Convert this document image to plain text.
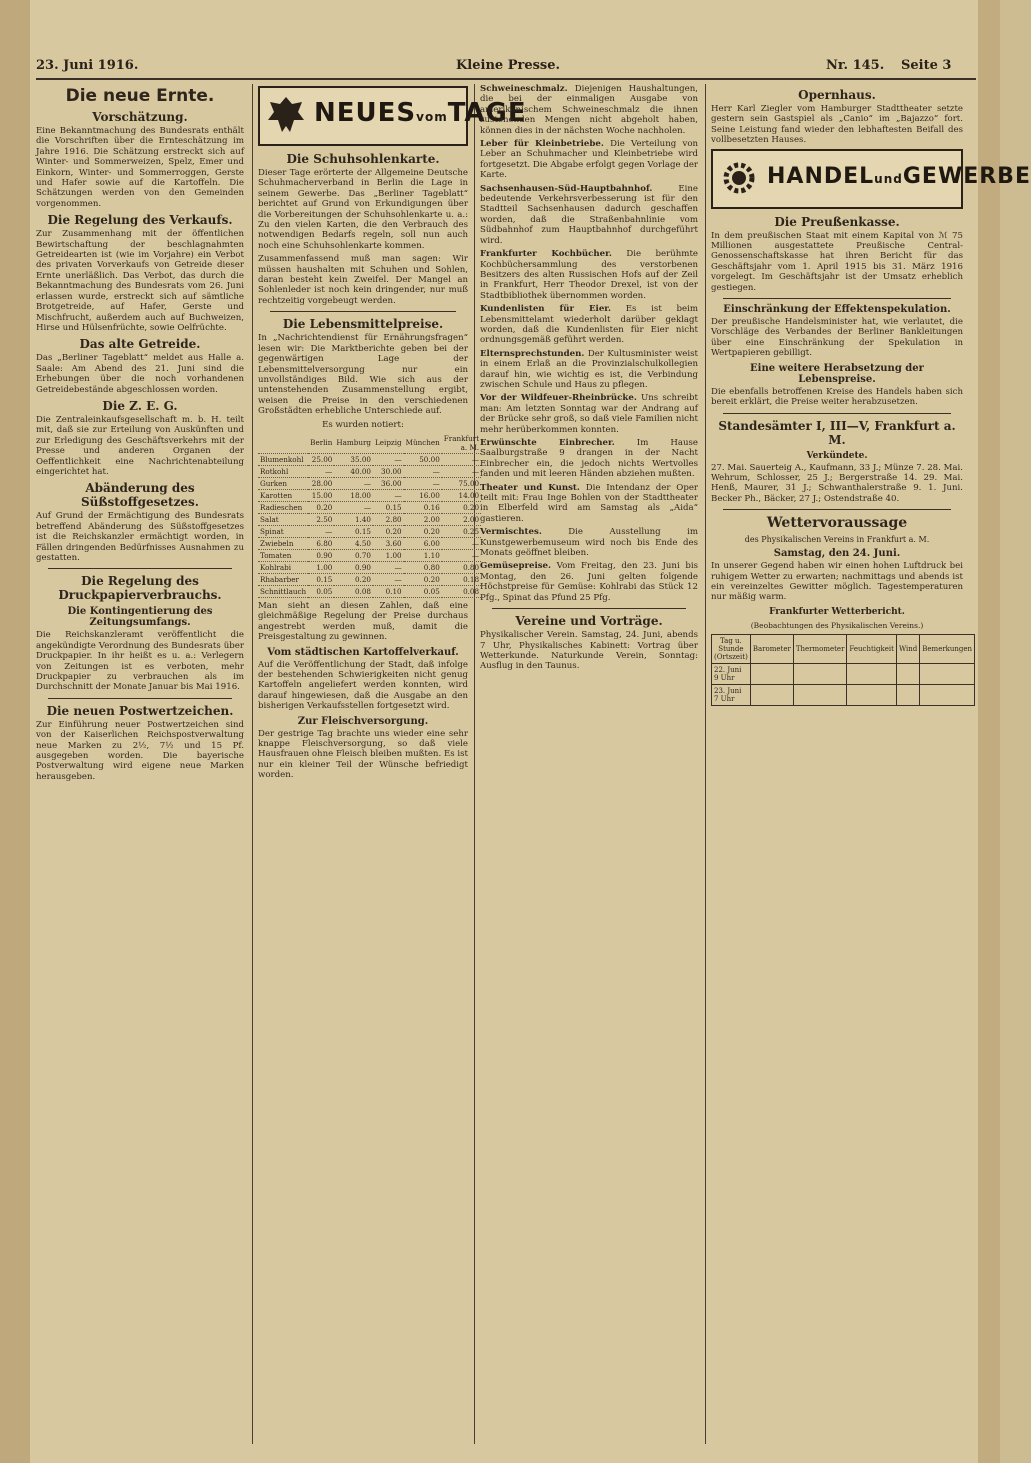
23. Juni 1916.	Kleine Presse.	Nr. 145. Seite 3
Die neue Ernte.
Vorschätzung.

Eine Bekanntmachung des Bundesrats enthält die Vorschriften über die Ernteschätzung im Jahre 1916. Die Schätzung erstreckt sich auf Winter- und Sommerweizen, Spelz, Emer und Einkorn, Winter- und Sommerroggen, Gerste und Hafer sowie auf die Kartoffeln. Die Schätzungen werden von den Gemeinden vorgenommen.

Die Regelung des Verkaufs.

Zur Zusammenhang mit der öffentlichen Bewirtschaftung der beschlagnahmten Getreidearten ist (wie im Vorjahre) ein Verbot des privaten Vorverkaufs von Getreide dieser Ernte unerläßlich. Das Verbot, das durch die Bekanntmachung des Bundesrats vom 26. Juni erlassen wurde, erstreckt sich auf sämtliche Brotgetreide, auf Hafer, Gerste und Mischfrucht, außerdem auch auf Buchweizen, Hirse und Hülsenfrüchte, sowie Oelfrüchte.

Das alte Getreide.

Das „Berliner Tageblatt“ meldet aus Halle a. Saale: Am Abend des 21. Juni sind die Erhebungen über die noch vorhandenen Getreidebestände abgeschlossen worden.

Die Z. E. G.

Die Zentraleinkaufsgesellschaft m. b. H. teilt mit, daß sie zur Erteilung von Auskünften und zur Erledigung des Geschäftsverkehrs mit der Presse und anderen Organen der Oeffentlichkeit eine Nachrichtenabteilung eingerichtet hat.

Abänderung des Süßstoffgesetzes.

Auf Grund der Ermächtigung des Bundesrats betreffend Abänderung des Süßstoffgesetzes ist die Reichskanzler ermächtigt worden, in Fällen dringenden Bedürfnisses Ausnahmen zu gestatten.

Die Regelung des Druckpapierverbrauchs.
Die Kontingentierung des Zeitungsumfangs.

Die Reichskanzleramt veröffentlicht die angekündigte Verordnung des Bundesrats über Druckpapier. In ihr heißt es u. a.: Verlegern von Zeitungen ist es verboten, mehr Druckpapier zu verbrauchen als im Durchschnitt der Monate Januar bis Mai 1916.

Die neuen Postwertzeichen.

Zur Einführung neuer Postwertzeichen sind von der Kaiserlichen Reichspostverwaltung neue Marken zu 2½, 7½ und 15 Pf. ausgegeben worden. Die bayerische Postverwaltung wird eigene neue Marken herausgeben.

NEUESvomTAGE
Die Schuhsohlenkarte.

Dieser Tage erörterte der Allgemeine Deutsche Schuhmacherverband in Berlin die Lage in seinem Gewerbe. Das „Berliner Tageblatt“ berichtet auf Grund von Erkundigungen über die Vorbereitungen der Schuhsohlenkarte u. a.: Zu den vielen Karten, die den Verbrauch des notwendigen Bedarfs regeln, soll nun auch noch eine Schuhsohlenkarte kommen.

Zusammenfassend muß man sagen: Wir müssen haushalten mit Schuhen und Sohlen, daran besteht kein Zweifel. Der Mangel an Sohlenleder ist noch kein dringender, nur muß rechtzeitig vorgebeugt werden.

Die Lebensmittelpreise.

In „Nachrichtendienst für Ernährungsfragen“ lesen wir: Die Marktberichte geben bei der gegenwärtigen Lage der Lebensmittelversorgung nur ein unvollständiges Bild. Wie sich aus der untenstehenden Zusammenstellung ergibt, weisen die Preise in den verschiedenen Großstädten erhebliche Unterschiede auf.

Es wurden notiert:

	Berlin	Hamburg	Leipzig	München	Frankfurt a. M.
Blumenkohl	25.00	35.00	—	50.00	—
Rotkohl	—	40.00	30.00	—	—
Gurken	28.00	—	36.00	—	75.00
Karotten	15.00	18.00	—	16.00	14.00
Radieschen	0.20	—	0.15	0.16	0.20
Salat	2.50	1.40	2.80	2.00	2.00
Spinat	—	0.15	0.20	0.20	0.25
Zwiebeln	6.80	4.50	3.60	6.00	—
Tomaten	0.90	0.70	1.00	1.10	—
Kohlrabi	1.00	0.90	—	0.80	0.80
Rhabarber	0.15	0.20	—	0.20	0.18
Schnittlauch	0.05	0.08	0.10	0.05	0.08

Man sieht an diesen Zahlen, daß eine gleichmäßige Regelung der Preise durchaus angestrebt werden muß, damit die Preisgestaltung zu gewinnen.

Vom städtischen Kartoffelverkauf.

Auf die Veröffentlichung der Stadt, daß infolge der bestehenden Schwierigkeiten nicht genug Kartoffeln angeliefert werden konnten, wird darauf hingewiesen, daß die Ausgabe an den bisherigen Verkaufsstellen fortgesetzt wird.

Zur Fleischversorgung.

Der gestrige Tag brachte uns wieder eine sehr knappe Fleischversorgung, so daß viele Hausfrauen ohne Fleisch bleiben mußten. Es ist nur ein kleiner Teil der Wünsche befriedigt worden.

Schweineschmalz. Diejenigen Haushaltungen, die bei der einmaligen Ausgabe von amerikanischem Schweineschmalz die ihnen zustehenden Mengen nicht abgeholt haben, können dies in der nächsten Woche nachholen.

Leber für Kleinbetriebe. Die Verteilung von Leber an Schuhmacher und Kleinbetriebe wird fortgesetzt. Die Abgabe erfolgt gegen Vorlage der Karte.

Sachsenhausen-Süd-Hauptbahnhof.	Eine bedeutende Verkehrsverbesserung ist für den Stadtteil Sachsenhausen dadurch geschaffen worden, daß die Straßenbahnlinie vom Südbahnhof zum Hauptbahnhof durchgeführt wird.

Frankfurter Kochbücher. Die berühmte Kochbüchersammlung des verstorbenen Besitzers des alten Russischen Hofs auf der Zeil in Frankfurt, Herr Theodor Drexel, ist von der Stadtbibliothek übernommen worden.

Kundenlisten für Eier. Es ist beim Lebensmittelamt wiederholt darüber geklagt worden, daß die Kundenlisten für Eier nicht ordnungsgemäß geführt werden.

Elternsprechstunden. Der Kultusminister weist in einem Erlaß an die Provinzialschulkollegien darauf hin, wie wichtig es ist, die Verbindung zwischen Schule und Haus zu pflegen.

Vor der Wildfeuer-Rheinbrücke. Uns schreibt man: Am letzten Sonntag war der Andrang auf der Brücke sehr groß, so daß viele Familien nicht mehr herüberkommen konnten.

Erwünschte Einbrecher.	Im Hause Saalburgstraße 9 drangen in der Nacht Einbrecher ein, die jedoch nichts Wertvolles fanden und mit leeren Händen abziehen mußten.

Theater und Kunst. Die Intendanz der Oper teilt mit: Frau Inge Bohlen von der Stadttheater in Elberfeld wird am Samstag als „Aida“ gastieren.

Vermischtes.	Die Ausstellung im Kunstgewerbemuseum wird noch bis Ende des Monats geöffnet bleiben.

Gemüsepreise. Vom Freitag, den 23. Juni bis Montag, den 26. Juni gelten folgende Höchstpreise für Gemüse: Kohlrabi das Stück 12 Pfg., Spinat das Pfund 25 Pfg.

Vereine und Vorträge.

Physikalischer Verein. Samstag, 24. Juni, abends 7 Uhr, Physikalisches Kabinett: Vortrag über Wetterkunde. Naturkunde Verein, Sonntag: Ausflug in den Taunus.

Opernhaus.

Herr Karl Ziegler vom Hamburger Stadttheater setzte gestern sein Gastspiel als „Canio“ im „Bajazzo“ fort. Seine Leistung fand wieder den lebhaftesten Beifall des vollbesetzten Hauses.

HANDELundGEWERBE
Die Preußenkasse.

In dem preußischen Staat mit einem Kapital von ℳ 75 Millionen ausgestattete Preußische Central-Genossenschaftskasse hat ihren Bericht für das Geschäftsjahr vom 1. April 1915 bis 31. März 1916 vorgelegt. Im Geschäftsjahr ist der Umsatz erheblich gestiegen.

Einschränkung der Effektenspekulation.

Der preußische Handelsminister hat, wie verlautet, die Vorschläge des Verbandes der Berliner Bankleitungen über eine Einschränkung der Spekulation in Wertpapieren gebilligt.

Eine weitere Herabsetzung der Lebenspreise.

Die ebenfalls betroffenen Kreise des Handels haben sich bereit erklärt, die Preise weiter herabzusetzen.

Standesämter I, III—V, Frankfurt a. M.
Verkündete.

27. Mai. Sauerteig A., Kaufmann, 33 J.; Münze 7. 28. Mai. Wehrum, Schlosser, 25 J.; Bergerstraße 14. 29. Mai. Henß, Maurer, 31 J.; Schwanthalerstraße 9. 1. Juni. Becker Ph., Bäcker, 27 J.; Ostendstraße 40.

Wettervoraussage
des Physikalischen Vereins in Frankfurt a. M.
Samstag, den 24. Juni.

In unserer Gegend haben wir einen hohen Luftdruck bei ruhigem Wetter zu erwarten; nachmittags und abends ist ein vereinzeltes Gewitter möglich. Tagestemperaturen nur mäßig warm.

Frankfurter Wetterbericht.
(Beobachtungen des Physikalischen Vereins.)
Tag u. Stunde (Ortszeit)	Barometer	Thermometer	Feuchtigkeit	Wind	Bemerkungen
22. Juni 9 Uhr					
23. Juni 7 Uhr					
